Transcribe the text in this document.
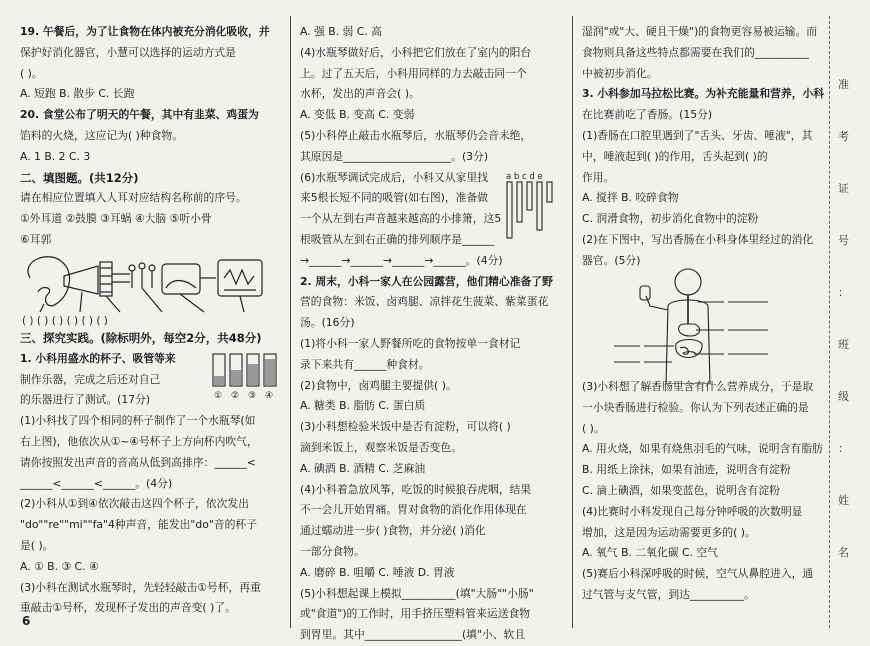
19. 午餐后，为了让食物在体内被充分消化吸收，并
保护好消化器官，小慧可以选择的运动方式是
( )。
A. 短跑 B. 散步 C. 长跑
20. 食堂公布了明天的午餐，其中有韭菜、鸡蛋为
馅料的火烧，这应记为( )种食物。
A. 1 B. 2 C. 3
二、填图题。(共12分)
请在相应位置填入人耳对应结构名称前的序号。
①外耳道 ②鼓膜 ③耳蜗 ④大脑 ⑤听小骨
⑥耳郭
( ) ( ) ( ) ( ) ( ) ( )
三、探究实践。(除标明外，每空2分，共48分)
1. 小科用盛水的杯子、吸管等来
制作乐器，完成之后还对自己
的乐器进行了测试。(17分)
(1)小科找了四个相同的杯子制作了一个水瓶琴(如
右上图)，他依次从①~④号杯子上方向杯内吹气，
请你按照发出声音的音高从低到高排序：______<
______<______<______。(4分)
(2)小科从①到④依次敲击这四个杯子，依次发出
"do""re""mi""fa"4种声音，能发出"do"音的杯子
是( )。
A. ① B. ③ C. ④
(3)小科在测试水瓶琴时，先轻轻敲击①号杯，再重
重敲击①号杯，发现杯子发出的声音变( )了。
① ② ③ ④
A. 强 B. 弱 C. 高
(4)水瓶琴做好后，小科把它们放在了室内的阳台
上。过了五天后，小科用同样的力去敲击同一个
水杯，发出的声音会( )。
A. 变低 B. 变高 C. 变弱
(5)小科停止敲击水瓶琴后，水瓶琴仍会音未绝，
其原因是____________________。(3分)
(6)水瓶琴调试完成后，小科又从家里找
来5根长短不同的吸管(如右图)，准备做
一个从左到右声音越来越高的小排箫，这5
根吸管从左到右正确的排列顺序是______
→______→______→______→______。(4分)
2. 周末，小科一家人在公园露营，他们精心准备了野
营的食物：米饭、卤鸡腿、凉拌花生菠菜、紫菜蛋花
汤。(16分)
(1)将小科一家人野餐所吃的食物按单一食材记
录下来共有______种食材。
(2)食物中，卤鸡腿主要提供( )。
A. 糖类 B. 脂肪 C. 蛋白质
(3)小科想检验米饭中是否有淀粉，可以将( )
滴到米饭上，观察米饭是否变色。
A. 碘酒 B. 酒精 C. 芝麻油
(4)小科着急放风筝，吃饭的时候狼吞虎咽，结果
不一会儿开始胃痛。胃对食物的消化作用体现在
通过蠕动进一步( )食物，并分泌( )消化
一部分食物。
A. 磨碎 B. 咀嚼 C. 唾液 D. 胃液
(5)小科想起课上模拟__________(填"大肠""小肠"
或"食道")的工作时，用手挤压塑料管来运送食物
到胃里。其中__________________(填"小、软且
a b c d e
湿润"或"大、硬且干燥")的食物更容易被运输。而
食物则具备这些特点都需要在我们的__________
中被初步消化。
3. 小科参加马拉松比赛。为补充能量和营养，小科
在比赛前吃了香肠。(15分)
(1)香肠在口腔里遇到了"舌头、牙齿、唾液"，其
中，唾液起到( )的作用，舌头起到( )的
作用。
A. 搅拌 B. 咬碎食物
C. 润滑食物，初步消化食物中的淀粉
(2)在下图中，写出香肠在小科身体里经过的消化
器官。(5分)
(3)小科想了解香肠里含有什么营养成分，于是取
一小块香肠进行检验。你认为下列表述正确的是
( )。
A. 用火烧，如果有烧焦羽毛的气味，说明含有脂肪
B. 用纸上涂抹，如果有油迹，说明含有淀粉
C. 滴上碘酒，如果变蓝色，说明含有淀粉
(4)比赛时小科发现自己每分钟呼吸的次数明显
增加，这是因为运动需要更多的( )。
A. 氧气 B. 二氧化碳 C. 空气
(5)赛后小科深呼吸的时候，空气从鼻腔进入，通
过气管与支气管，到达__________。
6
准
考
证
号
：
班
级
：
姓
名
